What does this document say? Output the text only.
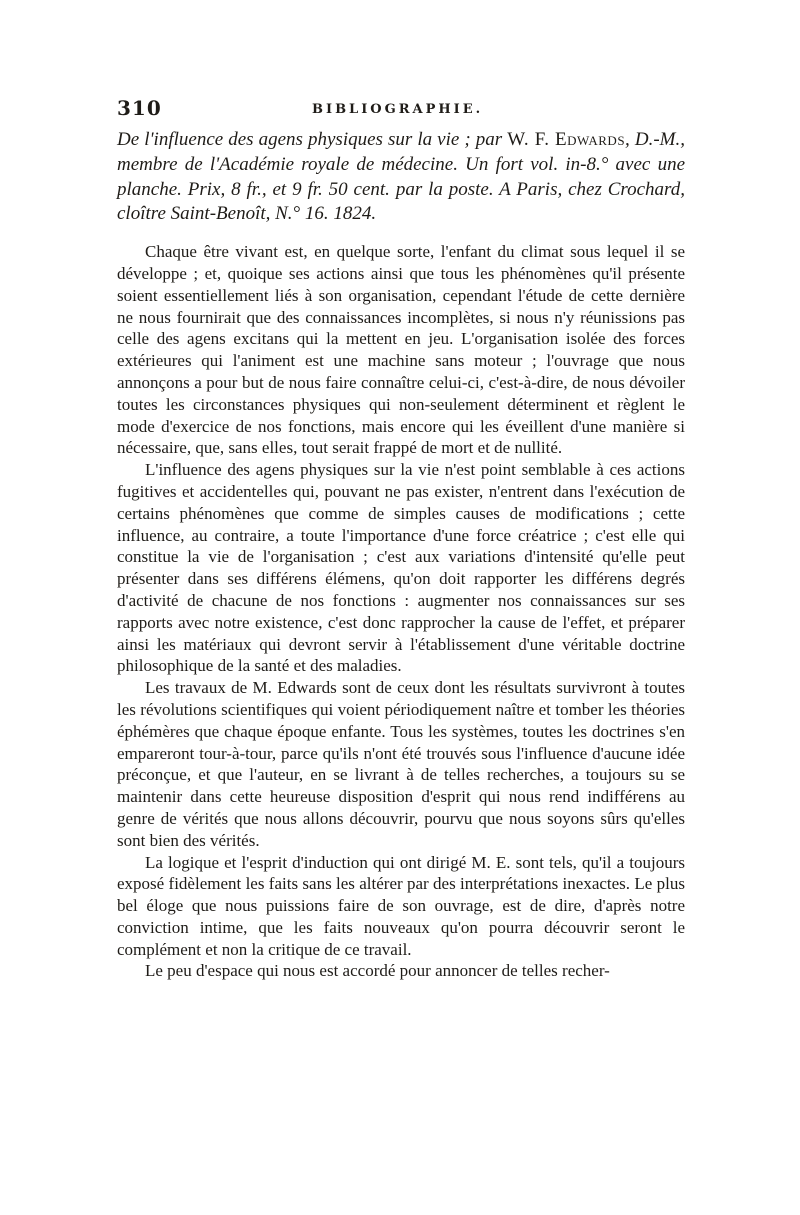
310	BIBLIOGRAPHIE.

De l'influence des agens physiques sur la vie ; par W. F. Edwards, D.-M., membre de l'Académie royale de médecine. Un fort vol. in-8.° avec une planche. Prix, 8 fr., et 9 fr. 50 cent. par la poste. A Paris, chez Crochard, cloître Saint-Benoît, N.° 16. 1824.

Chaque être vivant est, en quelque sorte, l'enfant du climat sous lequel il se développe ; et, quoique ses actions ainsi que tous les phénomènes qu'il présente soient essentiellement liés à son organisation, cependant l'étude de cette dernière ne nous fournirait que des connaissances incomplètes, si nous n'y réunissions pas celle des agens excitans qui la mettent en jeu. L'organisation isolée des forces extérieures qui l'animent est une machine sans moteur ; l'ouvrage que nous annonçons a pour but de nous faire connaître celui-ci, c'est-à-dire, de nous dévoiler toutes les circonstances physiques qui non-seulement déterminent et règlent le mode d'exercice de nos fonctions, mais encore qui les éveillent d'une manière si nécessaire, que, sans elles, tout serait frappé de mort et de nullité.

L'influence des agens physiques sur la vie n'est point semblable à ces actions fugitives et accidentelles qui, pouvant ne pas exister, n'entrent dans l'exécution de certains phénomènes que comme de simples causes de modifications ; cette influence, au contraire, a toute l'importance d'une force créatrice ; c'est elle qui constitue la vie de l'organisation ; c'est aux variations d'intensité qu'elle peut présenter dans ses différens élémens, qu'on doit rapporter les différens degrés d'activité de chacune de nos fonctions : augmenter nos connaissances sur ses rapports avec notre existence, c'est donc rapprocher la cause de l'effet, et préparer ainsi les matériaux qui devront servir à l'établissement d'une véritable doctrine philosophique de la santé et des maladies.

Les travaux de M. Edwards sont de ceux dont les résultats survivront à toutes les révolutions scientifiques qui voient périodiquement naître et tomber les théories éphémères que chaque époque enfante. Tous les systèmes, toutes les doctrines s'en empareront tour-à-tour, parce qu'ils n'ont été trouvés sous l'influence d'aucune idée préconçue, et que l'auteur, en se livrant à de telles recherches, a toujours su se maintenir dans cette heureuse disposition d'esprit qui nous rend indifférens au genre de vérités que nous allons découvrir, pourvu que nous soyons sûrs qu'elles sont bien des vérités.

La logique et l'esprit d'induction qui ont dirigé M. E. sont tels, qu'il a toujours exposé fidèlement les faits sans les altérer par des interprétations inexactes. Le plus bel éloge que nous puissions faire de son ouvrage, est de dire, d'après notre conviction intime, que les faits nouveaux qu'on pourra découvrir seront le complément et non la critique de ce travail.

Le peu d'espace qui nous est accordé pour annoncer de telles recher-
